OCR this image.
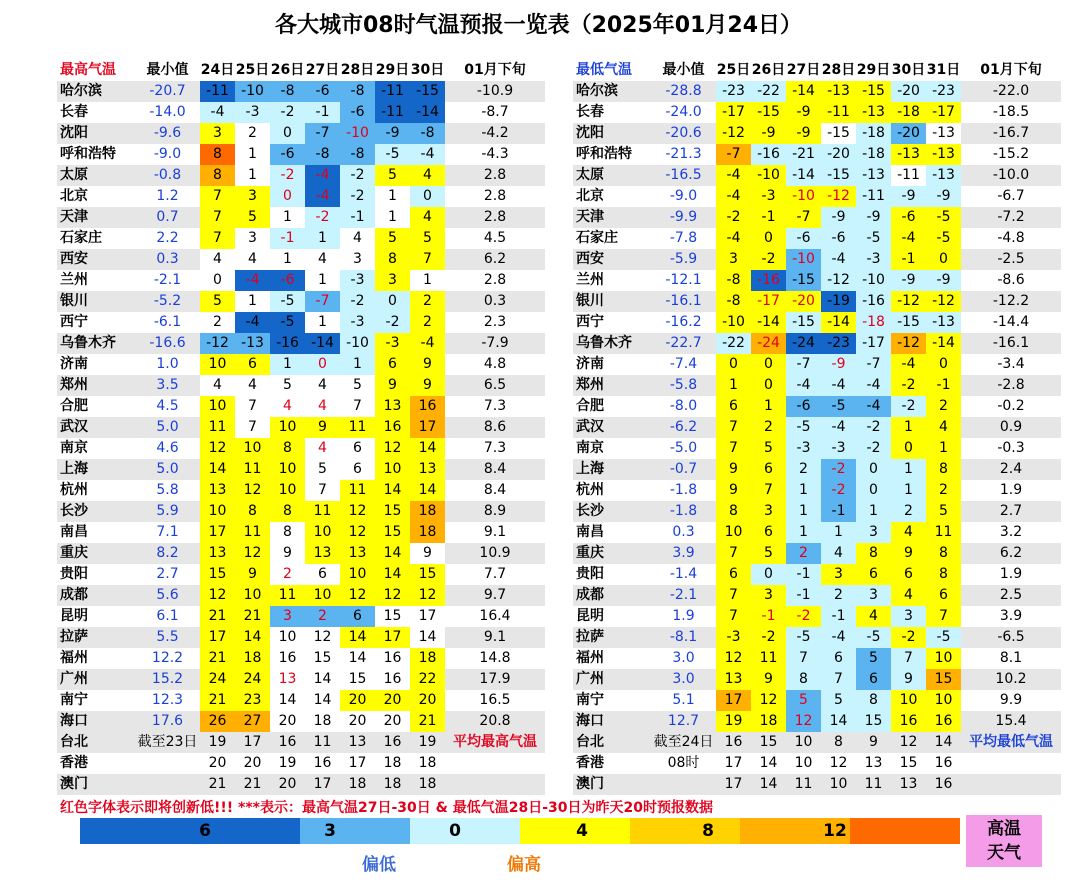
各大城市08时气温预报一览表（2025年01月24日）
最高气温	最小值	24日	25日	26日	27日	28日	29日	30日	01月下旬
哈尔滨	-20.7	-11	-10	-8	-6	-8	-11	-15	-10.9
长春	-14.0	-4	-3	-2	-1	-6	-11	-14	-8.7
沈阳	-9.6	3	2	0	-7	-10	-9	-8	-4.2
呼和浩特	-9.0	8	1	-6	-8	-8	-5	-4	-4.3
太原	-0.8	8	1	-2	-4	-2	5	4	2.8
北京	1.2	7	3	0	-4	-2	1	0	2.8
天津	0.7	7	5	1	-2	-1	1	4	2.8
石家庄	2.2	7	3	-1	1	4	5	5	4.5
西安	0.3	4	4	1	4	3	8	7	6.2
兰州	-2.1	0	-4	-6	1	-3	3	1	2.8
银川	-5.2	5	1	-5	-7	-2	0	2	0.3
西宁	-6.1	2	-4	-5	1	-3	-2	2	2.3
乌鲁木齐	-16.6	-12	-13	-16	-14	-10	-3	-4	-7.9
济南	1.0	10	6	1	0	1	6	9	4.8
郑州	3.5	4	4	5	4	5	9	9	6.5
合肥	4.5	10	7	4	4	7	13	16	7.3
武汉	5.0	11	7	10	9	11	16	17	8.6
南京	4.6	12	10	8	4	6	12	14	7.3
上海	5.0	14	11	10	5	6	10	13	8.4
杭州	5.8	13	12	10	7	11	14	14	8.4
长沙	5.9	10	8	8	11	12	15	18	8.9
南昌	7.1	17	11	8	10	12	15	18	9.1
重庆	8.2	13	12	9	13	13	14	9	10.9
贵阳	2.7	15	9	2	6	10	14	15	7.7
成都	5.6	12	10	11	10	12	12	12	9.7
昆明	6.1	21	21	3	2	6	15	17	16.4
拉萨	5.5	17	14	10	12	14	17	14	9.1
福州	12.2	21	18	16	15	14	16	18	14.8
广州	15.2	24	24	13	14	15	16	22	17.9
南宁	12.3	21	23	14	14	20	20	20	16.5
海口	17.6	26	27	20	18	20	20	21	20.8
台北	截至23日	19	17	16	11	13	16	19	平均最高气温
香港		20	20	19	16	17	18	18	
澳门		21	21	20	17	18	18	18	
最低气温	最小值	25日	26日	27日	28日	29日	30日	31日	01月下旬
哈尔滨	-28.8	-23	-22	-14	-13	-15	-20	-23	-22.0
长春	-24.0	-17	-15	-9	-11	-13	-18	-17	-18.5
沈阳	-20.6	-12	-9	-9	-15	-18	-20	-13	-16.7
呼和浩特	-21.3	-7	-16	-21	-20	-18	-13	-13	-15.2
太原	-16.5	-4	-10	-14	-15	-13	-11	-13	-10.0
北京	-9.0	-4	-3	-10	-12	-11	-9	-9	-6.7
天津	-9.9	-2	-1	-7	-9	-9	-6	-5	-7.2
石家庄	-7.8	-4	0	-6	-6	-5	-4	-5	-4.8
西安	-5.9	3	-2	-10	-4	-3	-1	0	-2.5
兰州	-12.1	-8	-16	-15	-12	-10	-9	-9	-8.6
银川	-16.1	-8	-17	-20	-19	-16	-12	-12	-12.2
西宁	-16.2	-10	-14	-15	-14	-18	-15	-13	-14.4
乌鲁木齐	-22.7	-22	-24	-24	-23	-17	-12	-14	-16.1
济南	-7.4	0	0	-7	-9	-7	-4	0	-3.4
郑州	-5.8	1	0	-4	-4	-4	-2	-1	-2.8
合肥	-8.0	6	1	-6	-5	-4	-2	2	-0.2
武汉	-6.2	7	2	-5	-4	-2	1	4	0.9
南京	-5.0	7	5	-3	-3	-2	0	1	-0.3
上海	-0.7	9	6	2	-2	0	1	8	2.4
杭州	-1.8	9	7	1	-2	0	1	2	1.9
长沙	-1.8	8	3	1	-1	1	2	5	2.7
南昌	0.3	10	6	1	1	3	4	11	3.2
重庆	3.9	7	5	2	4	8	9	8	6.2
贵阳	-1.4	6	0	-1	3	6	6	8	1.9
成都	-2.1	7	3	-1	2	3	4	6	2.5
昆明	1.9	7	-1	-2	-1	4	3	7	3.9
拉萨	-8.1	-3	-2	-5	-4	-5	-2	-5	-6.5
福州	3.0	12	11	7	6	5	7	10	8.1
广州	3.0	13	9	8	7	6	9	15	10.2
南宁	5.1	17	12	5	5	8	10	10	9.9
海口	12.7	19	18	12	14	15	16	16	15.4
台北	截至24日	16	15	10	8	9	12	14	平均最低气温
香港	08时	17	14	10	12	13	15	16	
澳门		17	14	11	10	11	13	16	
红色字体表示即将创新低!!! ***表示：最高气温27日-30日 & 最低气温28日-30日为昨天20时预报数据
6	3	0	4	8	12
偏低	偏高
高温
天气
